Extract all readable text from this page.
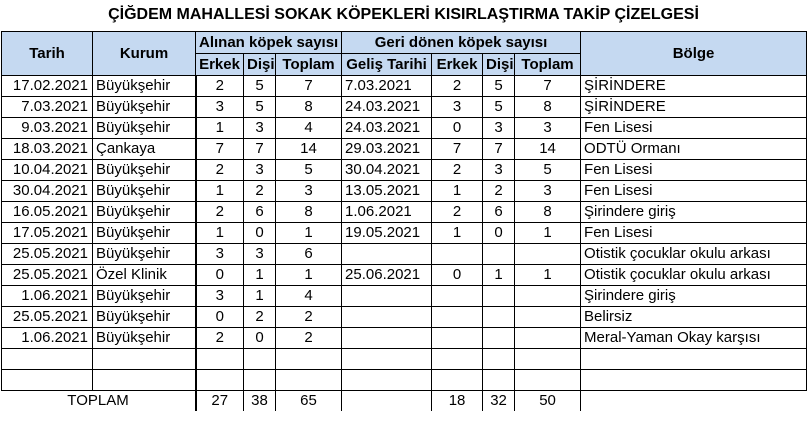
ÇİĞDEM MAHALLESİ SOKAK KÖPEKLERİ KISIRLAŞTIRMA TAKİP ÇİZELGESİ
Tarih	Kurum	Alınan köpek sayısı			Geri dönen köpek sayısı				Bölge
		Erkek	Dişi	Toplam	Geliş Tarihi	Erkek	Dişi	Toplam	
17.02.2021	Büyükşehir	2	5	7	7.03.2021	2	5	7	ŞİRİNDERE
7.03.2021	Büyükşehir	3	5	8	24.03.2021	3	5	8	ŞİRİNDERE
9.03.2021	Büyükşehir	1	3	4	24.03.2021	0	3	3	Fen Lisesi
18.03.2021	Çankaya	7	7	14	29.03.2021	7	7	14	ODTÜ Ormanı
10.04.2021	Büyükşehir	2	3	5	30.04.2021	2	3	5	Fen Lisesi
30.04.2021	Büyükşehir	1	2	3	13.05.2021	1	2	3	Fen Lisesi
16.05.2021	Büyükşehir	2	6	8	1.06.2021	2	6	8	Şirindere giriş
17.05.2021	Büyükşehir	1	0	1	19.05.2021	1	0	1	Fen Lisesi
25.05.2021	Büyükşehir	3	3	6					Otistik çocuklar okulu arkası
25.05.2021	Özel Klinik	0	1	1	25.06.2021	0	1	1	Otistik çocuklar okulu arkası
1.06.2021	Büyükşehir	3	1	4					Şirindere giriş
25.05.2021	Büyükşehir	0	2	2					Belirsiz
1.06.2021	Büyükşehir	2	0	2					Meral-Yaman Okay karşısı

TOPLAM		27	38	65		18	32	50	
